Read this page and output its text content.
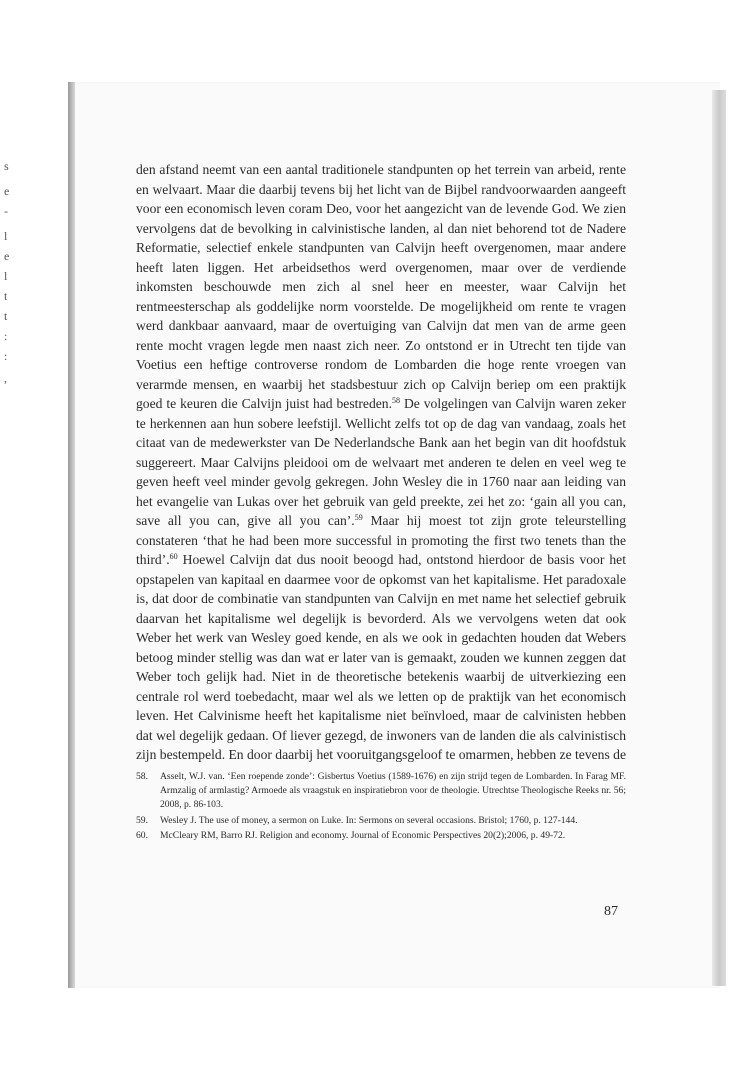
s
e
-
l
e
l
t
t
:
:
,

den afstand neemt van een aantal traditionele standpunten op het terrein van arbeid, rente en welvaart. Maar die daarbij tevens bij het licht van de Bijbel randvoorwaarden aangeeft voor een economisch leven coram Deo, voor het aangezicht van de levende God. We zien vervolgens dat de bevolking in calvinistische landen, al dan niet behorend tot de Nadere Reformatie, selectief enkele standpunten van Calvijn heeft overgenomen, maar andere heeft laten liggen. Het arbeidsethos werd overgenomen, maar over de verdiende inkomsten beschouwde men zich al snel heer en meester, waar Calvijn het rentmeesterschap als goddelijke norm voorstelde. De mogelijkheid om rente te vragen werd dankbaar aanvaard, maar de overtuiging van Calvijn dat men van de arme geen rente mocht vragen legde men naast zich neer. Zo ontstond er in Utrecht ten tijde van Voetius een heftige controverse rondom de Lombarden die hoge rente vroegen van verarmde mensen, en waarbij het stadsbestuur zich op Calvijn beriep om een praktijk goed te keuren die Calvijn juist had bestreden.$^{58}$ De volgelingen van Calvijn waren zeker te herkennen aan hun sobere leefstijl. Wellicht zelfs tot op de dag van vandaag, zoals het citaat van de medewerkster van De Nederlandsche Bank aan het begin van dit hoofdstuk suggereert. Maar Calvijns pleidooi om de welvaart met anderen te delen en veel weg te geven heeft veel minder gevolg gekregen. John Wesley die in 1760 naar aan leiding van het evangelie van Lukas over het gebruik van geld preekte, zei het zo: ‘gain all you can, save all you can, give all you can’.$^{59}$ Maar hij moest tot zijn grote teleurstelling constateren ‘that he had been more successful in promoting the first two tenets than the third’.$^{60}$ Hoewel Calvijn dat dus nooit beoogd had, ontstond hierdoor de basis voor het opstapelen van kapitaal en daarmee voor de opkomst van het kapitalisme. Het paradoxale is, dat door de combinatie van standpunten van Calvijn en met name het selectief gebruik daarvan het kapitalisme wel degelijk is bevorderd. Als we vervolgens weten dat ook Weber het werk van Wesley goed kende, en als we ook in gedachten houden dat Webers betoog minder stellig was dan wat er later van is gemaakt, zouden we kunnen zeggen dat Weber toch gelijk had. Niet in de theoretische betekenis waarbij de uitverkiezing een centrale rol werd toebedacht, maar wel als we letten op de praktijk van het economisch leven. Het Calvinisme heeft het kapitalisme niet beïnvloed, maar de calvinisten hebben dat wel degelijk gedaan. Of liever gezegd, de inwoners van de landen die als calvinistisch zijn bestempeld. En door daarbij het vooruitgangsgeloof te omarmen, hebben ze tevens de

58.	Asselt, W.J. van. ‘Een roepende zonde’: Gisbertus Voetius (1589-1676) en zijn strijd tegen de Lombarden. In Farag MF. Armzalig of armlastig? Armoede als vraagstuk en inspiratiebron voor de theologie. Utrechtse Theologische Reeks nr. 56; 2008, p. 86-103.
59.	Wesley J. The use of money, a sermon on Luke. In: Sermons on several occasions. Bristol; 1760, p. 127-144.
60.	McCleary RM, Barro RJ. Religion and economy. Journal of Economic Perspectives 20(2);2006, p. 49-72.
87
